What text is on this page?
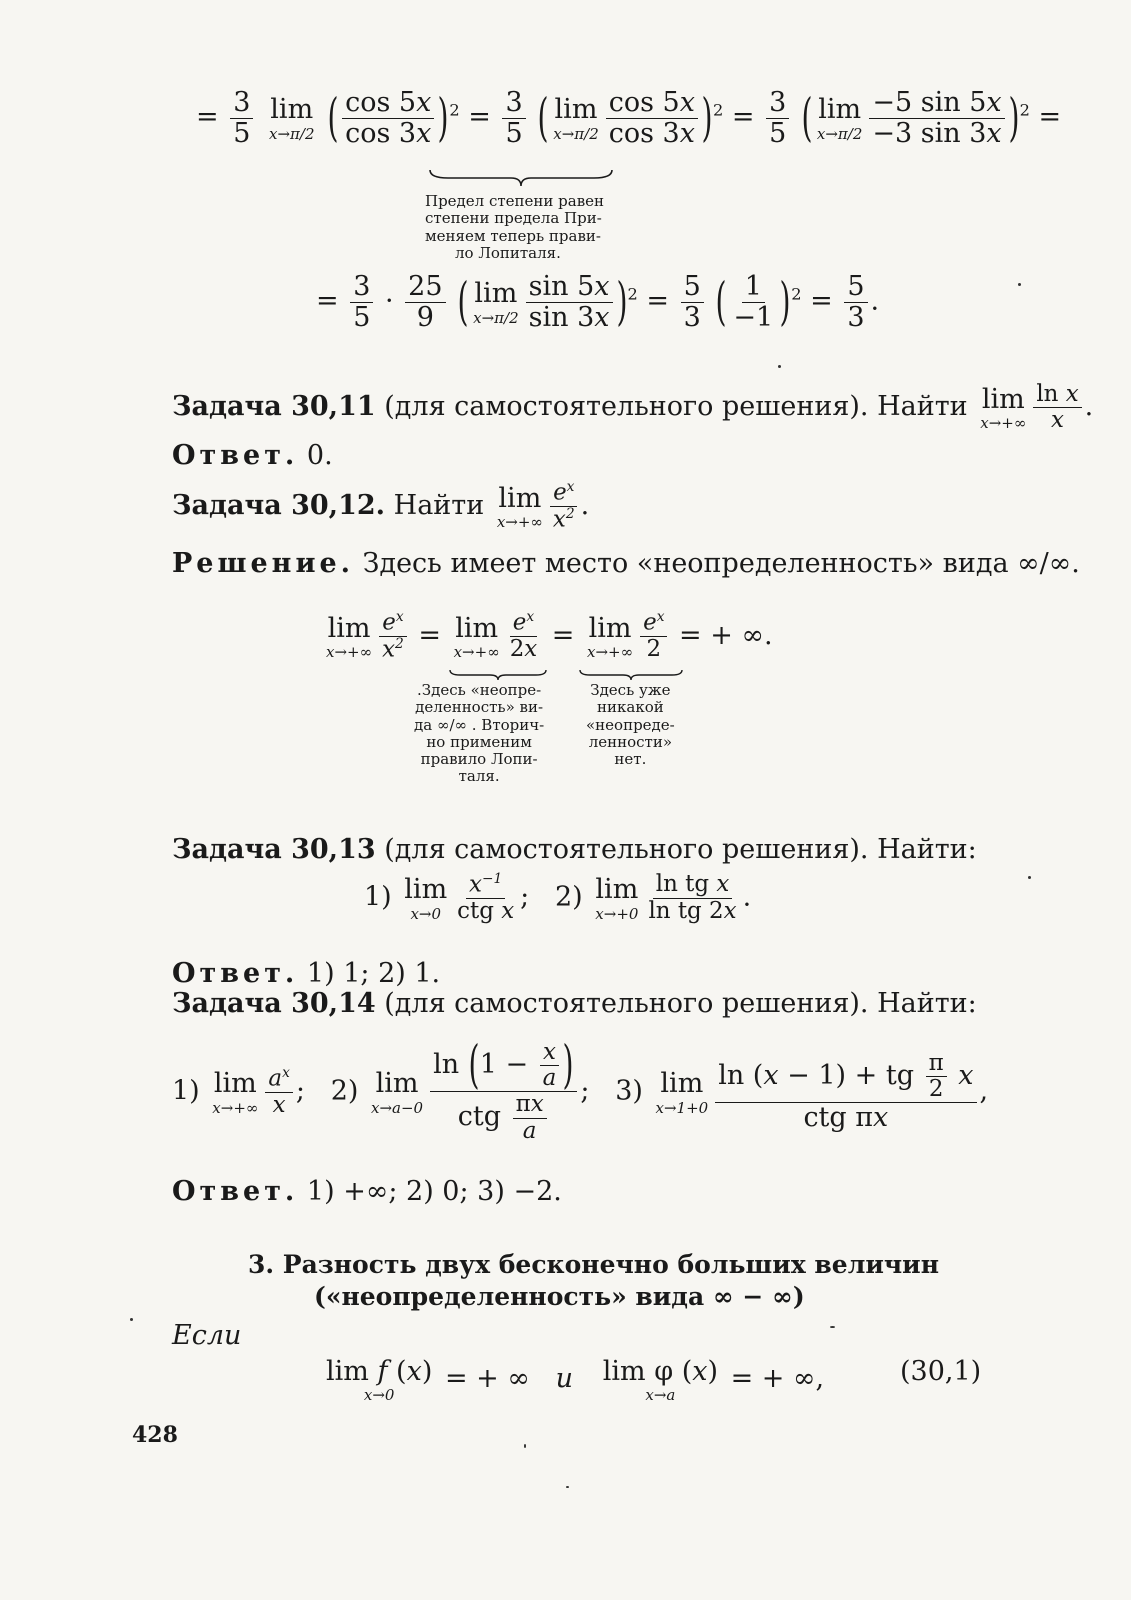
= $\frac{3}{5}$
lim
x→π/2 ( $\frac{\cos 5x}{\cos 3x} )^2 = \frac{3}{5}$ ( lim
$x\to\pi/2 \frac{\cos 5x}{\cos 3x} )^2 = \frac{3}{5}$ ( lim
$x\to\pi/2 \frac{-5 \sin 5x}{-3 \sin 3x} )^2$ =
Предел степени равен
степени предела При-
меняем теперь прави-
ло Лопиталя.
= $\frac{3}{5} \cdot \frac{25}{9}$ ( lim
$x\to\pi/2 \frac{\sin 5x}{\sin 3x} )^2 = \frac{5}{3}$ ( $\frac{1}{-1} )^2 = \frac{5}{3}$ .
Задача 30,11 (для самостоятельного решения). Найти lim
$x\to+\infty \frac{\text{ln x}}{x}$ .
Ответ. 0.
Задача 30,12. Найти lim
$x\to+\infty \frac{e^x}{x^2}$ .
Решение. Здесь имеет место «неопределенность» вида ∞/∞.
lim
$x\to+\infty \frac{e^x}{x^2} = \lim$
$x\to+\infty \frac{e^x}{2x} = \lim$
$x\to+\infty \frac{e^x}{2}$ = + ∞.
.Здесь «неопре-
деленность» ви-
да ∞/∞ . Вторич-
но применим
правило Лопи-
таля.
Здесь уже
никакой
«неопреде-
ленности»
нет.
Задача 30,13 (для самостоятельного решения). Найти:
1) lim
$x\to 0 \frac{x^{-1}}{\text{ctg x}}$ ;   2) lim
$x\to+0 \frac{\text{ln tg x}}{\text{ln tg 2x}}$ .
Ответ. 1) 1; 2) 1.
Задача 30,14 (для самостоятельного решения). Найти:
1) lim
$x\to+\infty \frac{a^x}{x}$ ;   2) lim
$x\to a-0 \frac{\ln (1 - \frac{x}{a} )}{ctg \frac{\pi x}{a}}$ ;   3) lim
$x\to 1+0 \frac{\ln (x - 1) + tg \frac{\pi}{2} x}{\text{ctg πx}}$ ,
Ответ. 1) +∞; 2) 0; 3) −2.
3. Разность двух бесконечно больших величин
(«неопределенность» вида ∞ − ∞)
Если
lim f (x)
x→0
= + ∞   и lim φ (x)
x→a
= + ∞,	(30,1)
428
